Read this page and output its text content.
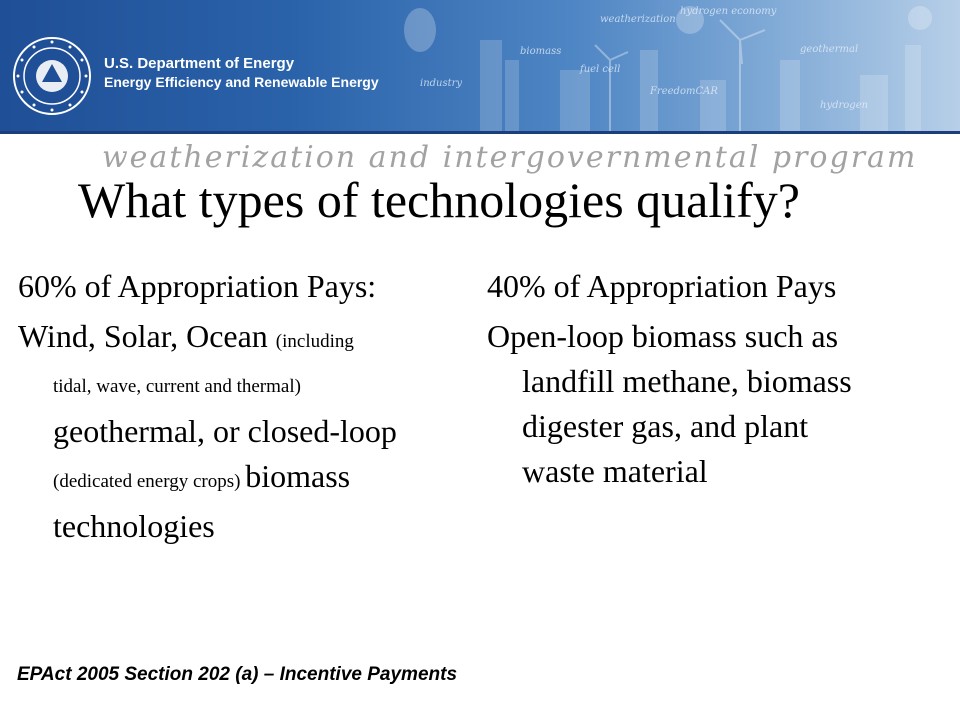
weatherization
hydrogen economy
biomass
fuel cell
geothermal
industry
FreedomCAR
hydrogen
U.S. Department of Energy
Energy Efficiency and Renewable Energy
weatherization and intergovernmental program
What types of technologies qualify?
60% of Appropriation Pays:
Wind, Solar, Ocean (including
tidal, wave, current and thermal)
geothermal, or closed-loop
(dedicated energy crops) biomass
technologies
40% of Appropriation Pays
Open-loop biomass such as
landfill methane, biomass
digester gas, and plant
waste material
EPAct 2005 Section 202 (a) – Incentive Payments
